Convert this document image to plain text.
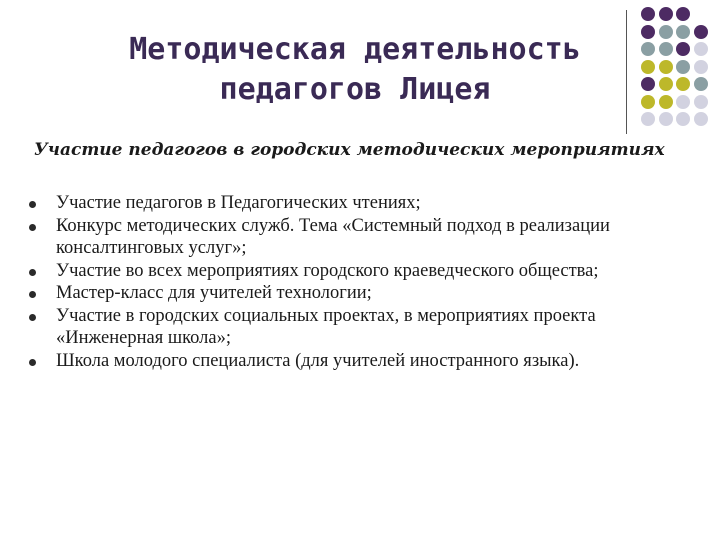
Методическая деятельность
педагогов Лицея
Участие педагогов в городских методических мероприятиях
Участие педагогов в Педагогических чтениях;
Конкурс методических служб. Тема «Системный подход в реализации консалтинговых услуг»;
Участие во всех мероприятиях городского краеведческого общества;
Мастер-класс для учителей технологии;
Участие в городских социальных проектах, в мероприятиях проекта «Инженерная школа»;
Школа молодого специалиста (для учителей иностранного языка).
